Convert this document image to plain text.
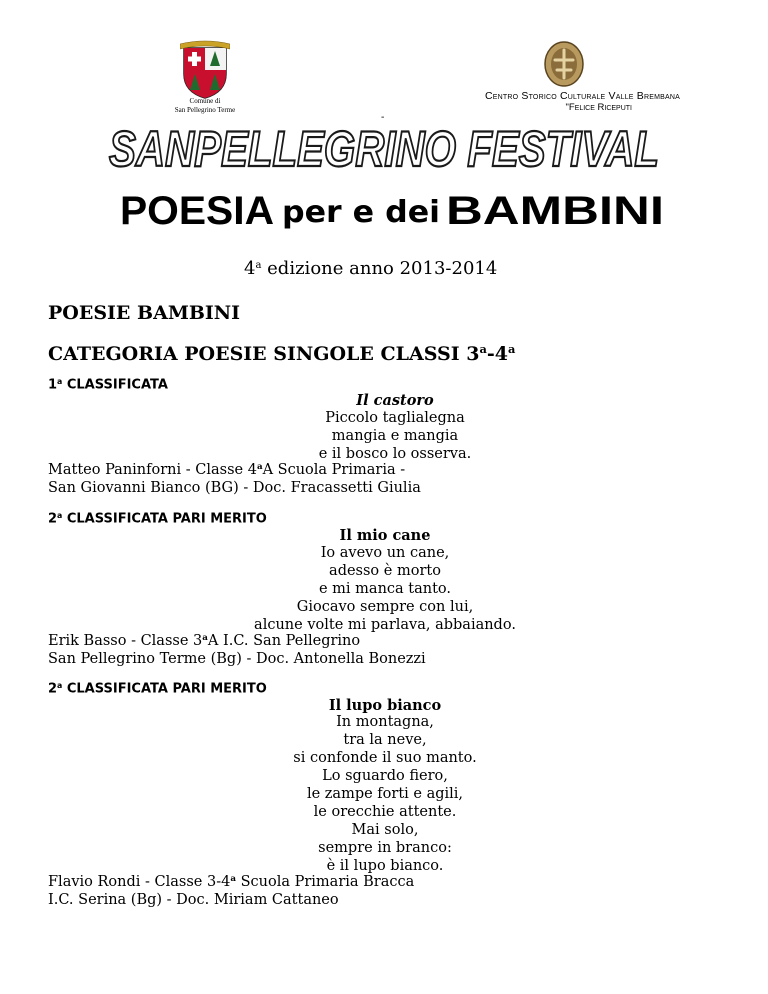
Comune di
San Pellegrino Terme
Centro Storico Culturale Valle Brembana
"Felice Riceputi
-
SANPELLEGRINO FESTIVAL
POESIA per e dei BAMBINI
4$^a$ edizione anno 2013-2014
POESIE BAMBINI
CATEGORIA POESIE SINGOLE CLASSI 3$^a$-4$^a$
1$^a$ CLASSIFICATA
Il castoro
Piccolo taglialegna
mangia e mangia
e il bosco lo osserva.
Matteo Paninforni - Classe 4$^a$A Scuola Primaria -
San Giovanni Bianco (BG) - Doc. Fracassetti Giulia
2$^a$ CLASSIFICATA PARI MERITO
Il mio cane
Io avevo un cane,
adesso è morto
e mi manca tanto.
Giocavo sempre con lui,
alcune volte mi parlava, abbaiando.
Erik Basso - Classe 3$^a$A I.C. San Pellegrino
San Pellegrino Terme (Bg) - Doc. Antonella Bonezzi
2$^a$ CLASSIFICATA PARI MERITO
Il lupo bianco
In montagna,
tra la neve,
si confonde il suo manto.
Lo sguardo fiero,
le zampe forti e agili,
le orecchie attente.
Mai solo,
sempre in branco:
è il lupo bianco.
Flavio Rondi - Classe 3-4$^a$ Scuola Primaria Bracca
I.C. Serina (Bg) - Doc. Miriam Cattaneo
